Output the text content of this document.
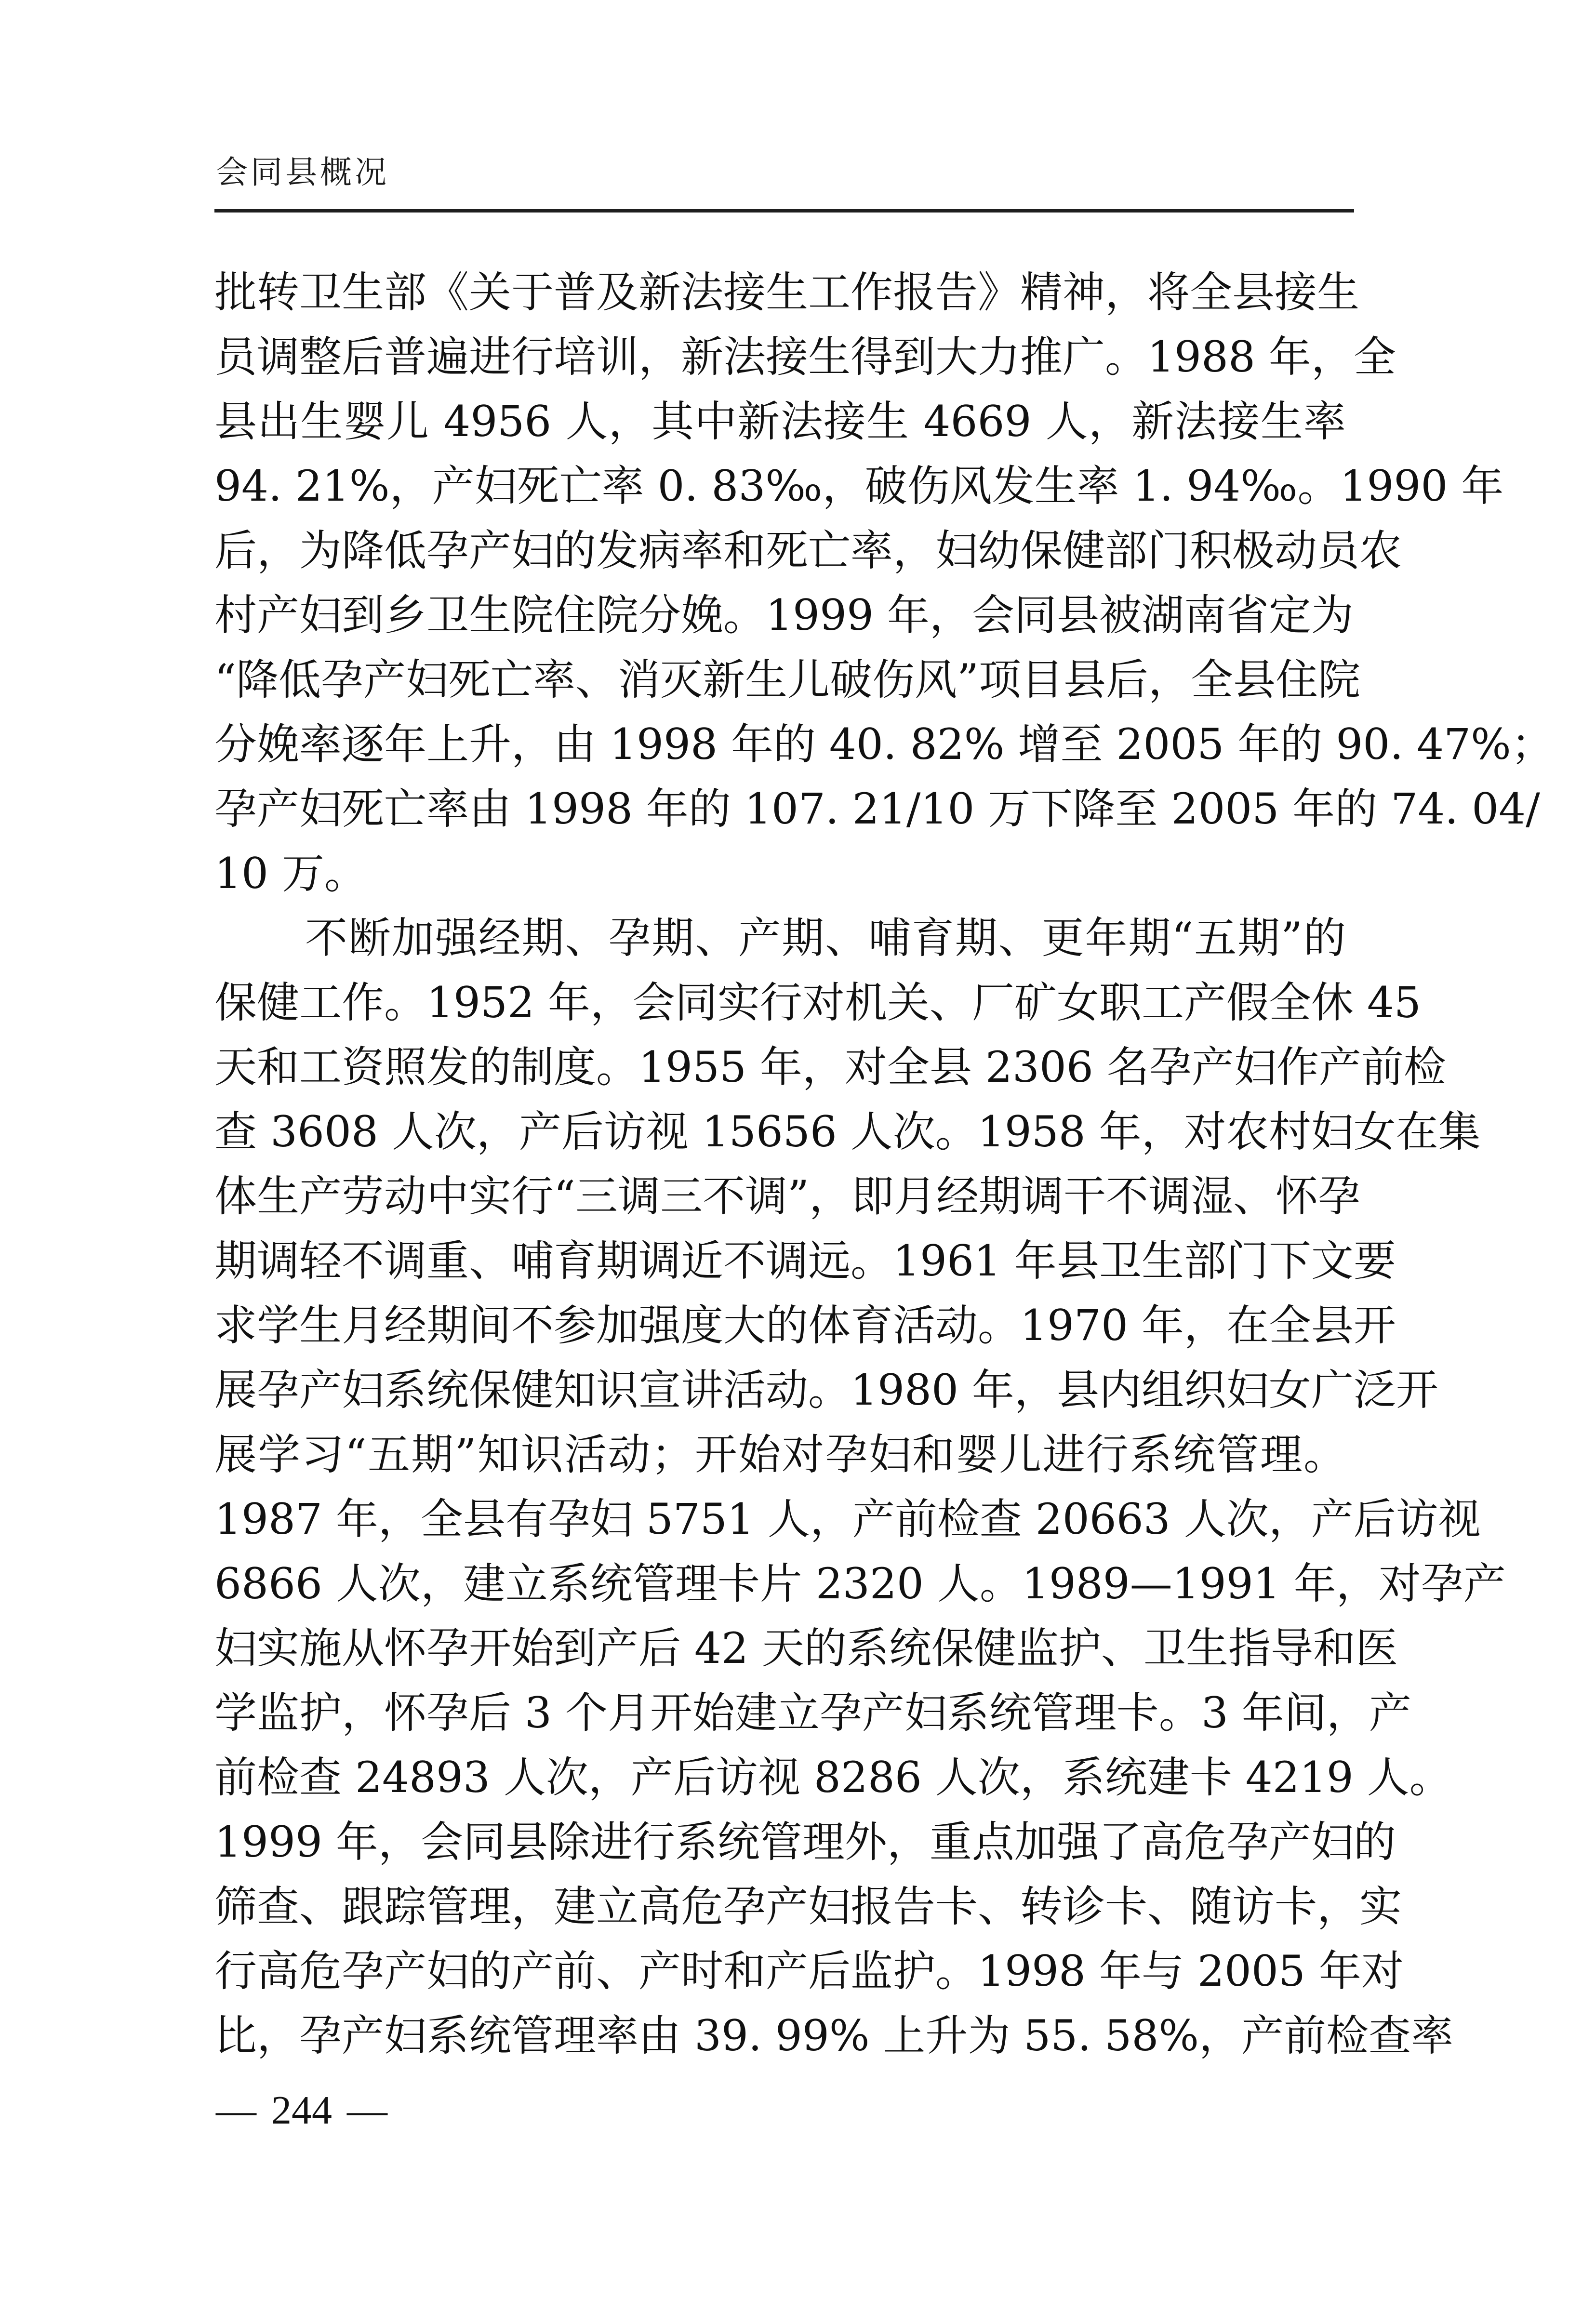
会同县概况
批转卫生部《关于普及新法接生工作报告》精神，将全县接生
员调整后普遍进行培训，新法接生得到大力推广。1988 年，全
县出生婴儿 4956 人，其中新法接生 4669 人，新法接生率
94. 21%，产妇死亡率 0. 83‰，破伤风发生率 1. 94‰。1990 年
后，为降低孕产妇的发病率和死亡率，妇幼保健部门积极动员农
村产妇到乡卫生院住院分娩。1999 年，会同县被湖南省定为
“降低孕产妇死亡率、消灭新生儿破伤风”项目县后，全县住院
分娩率逐年上升，由 1998 年的 40. 82% 增至 2005 年的 90. 47%；
孕产妇死亡率由 1998 年的 107. 21/10 万下降至 2005 年的 74. 04/
10 万。
不断加强经期、孕期、产期、哺育期、更年期“五期”的
保健工作。1952 年，会同实行对机关、厂矿女职工产假全休 45
天和工资照发的制度。1955 年，对全县 2306 名孕产妇作产前检
查 3608 人次，产后访视 15656 人次。1958 年，对农村妇女在集
体生产劳动中实行“三调三不调”，即月经期调干不调湿、怀孕
期调轻不调重、哺育期调近不调远。1961 年县卫生部门下文要
求学生月经期间不参加强度大的体育活动。1970 年，在全县开
展孕产妇系统保健知识宣讲活动。1980 年，县内组织妇女广泛开
展学习“五期”知识活动；开始对孕妇和婴儿进行系统管理。
1987 年，全县有孕妇 5751 人，产前检查 20663 人次，产后访视
6866 人次，建立系统管理卡片 2320 人。1989—1991 年，对孕产
妇实施从怀孕开始到产后 42 天的系统保健监护、卫生指导和医
学监护，怀孕后 3 个月开始建立孕产妇系统管理卡。3 年间，产
前检查 24893 人次，产后访视 8286 人次，系统建卡 4219 人。
1999 年，会同县除进行系统管理外，重点加强了高危孕产妇的
筛查、跟踪管理，建立高危孕产妇报告卡、转诊卡、随访卡，实
行高危孕产妇的产前、产时和产后监护。1998 年与 2005 年对
比，孕产妇系统管理率由 39. 99% 上升为 55. 58%，产前检查率
— 244 —
